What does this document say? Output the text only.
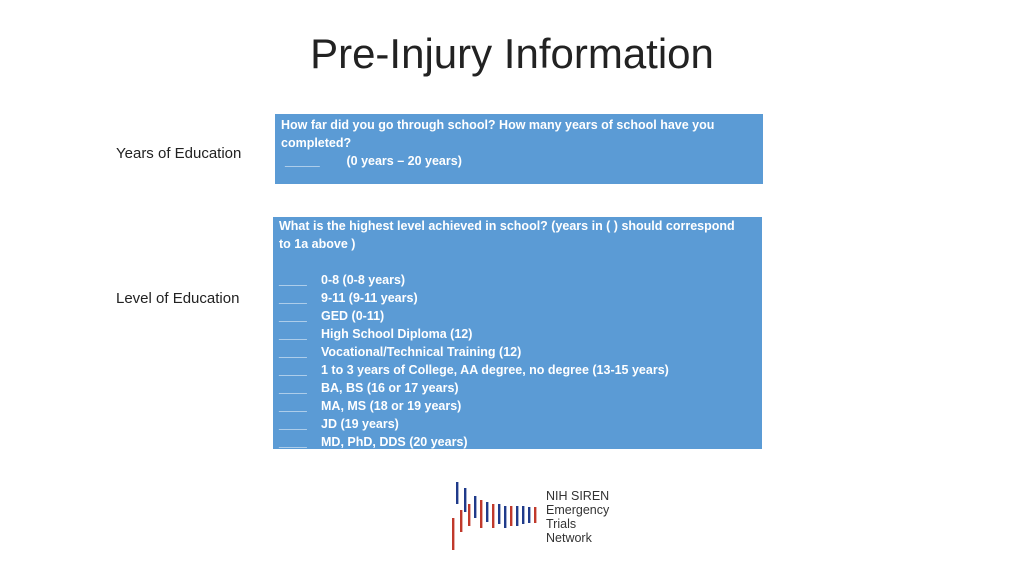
Pre-Injury Information
Years of Education
How far did you go through school? How many years of school have you
completed?
_____ (0 years – 20 years)
Level of Education
What is the highest level achieved in school? (years in ( ) should correspond
to 1a above )
____ 0-8 (0-8 years)
____ 9-11 (9-11 years)
____ GED (0-11)
____ High School Diploma (12)
____ Vocational/Technical Training (12)
____ 1 to 3 years of College, AA degree, no degree (13-15 years)
____ BA, BS (16 or 17 years)
____ MA, MS (18 or 19 years)
____ JD (19 years)
____ MD, PhD, DDS (20 years)
NIH SIREN
Emergency
Trials
Network
